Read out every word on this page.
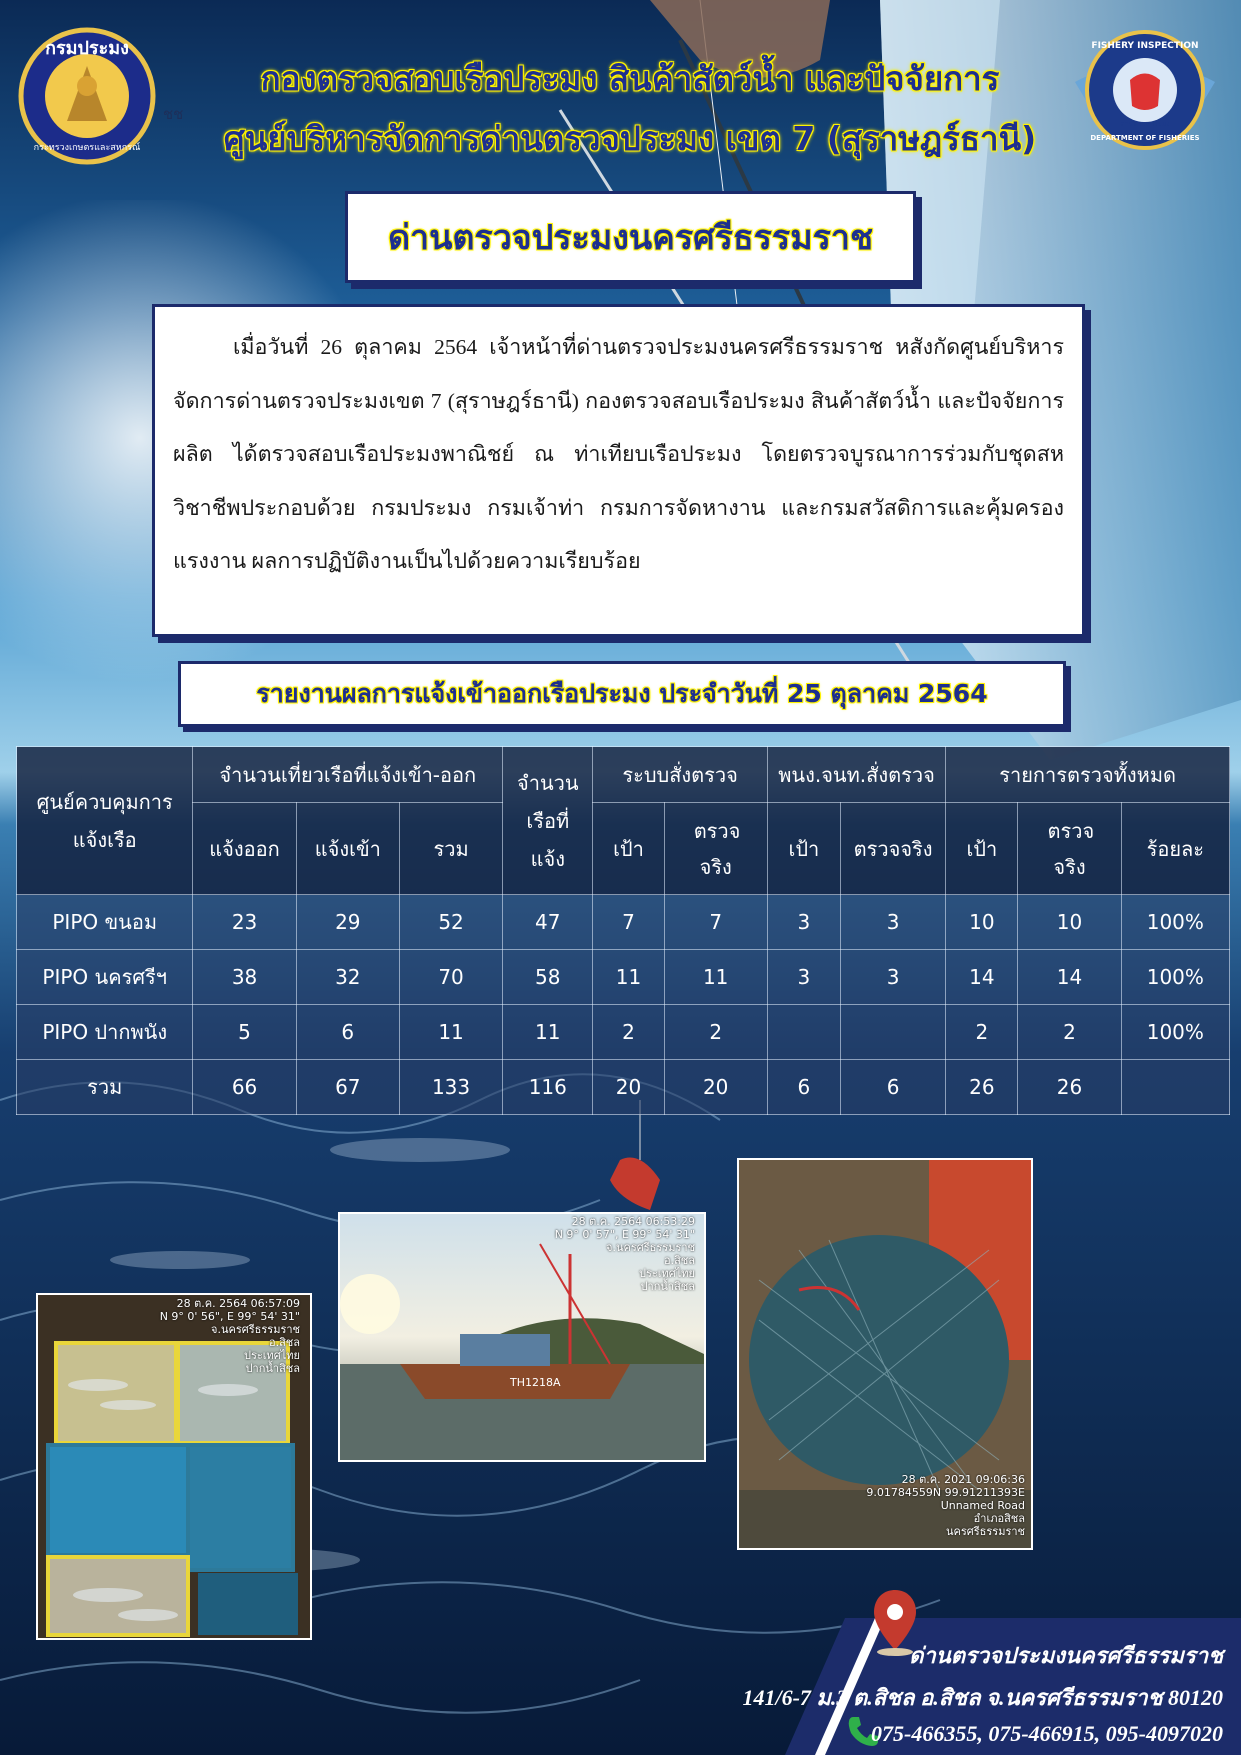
กรมประมง
กระทรวงเกษตรและสหกรณ์
ชช
FISHERY INSPECTION
DEPARTMENT OF FISHERIES
ด่านตรวจประมง
กองตรวจสอบเรือประมง สินค้าสัตว์น้ำ และปัจจัยการ
ศูนย์บริหารจัดการด่านตรวจประมง เขต 7 (สุราษฎร์ธานี)
ด่านตรวจประมงนครศรีธรรมราช

เมื่อวันที่ 26 ตุลาคม 2564 เจ้าหน้าที่ด่านตรวจประมงนครศรีธรรมราช หสังกัดศูนย์บริหารจัดการด่านตรวจประมงเขต 7 (สุราษฎร์ธานี) กองตรวจสอบเรือประมง สินค้าสัตว์น้ำ และปัจจัยการผลิต ได้ตรวจสอบเรือประมงพาณิชย์ ณ ท่าเทียบเรือประมง โดยตรวจบูรณาการร่วมกับชุดสหวิชาชีพประกอบด้วย กรมประมง กรมเจ้าท่า กรมการจัดหางาน และกรมสวัสดิการและคุ้มครองแรงงาน ผลการปฏิบัติงานเป็นไปด้วยความเรียบร้อย

รายงานผลการแจ้งเข้าออกเรือประมง ประจำวันที่ 25 ตุลาคม 2564
ศูนย์ควบคุมการแจ้งเรือ	จำนวนเที่ยวเรือที่แจ้งเข้า-ออก			จำนวนเรือที่แจ้ง	ระบบสั่งตรวจ		พนง.จนท.สั่งตรวจ		รายการตรวจทั้งหมด		
	แจ้งออก	แจ้งเข้า	รวม		เป้า	ตรวจจริง	เป้า	ตรวจจริง	เป้า	ตรวจจริง	ร้อยละ
PIPO ขนอม	23	29	52	47	7	7	3	3	10	10	100%
PIPO นครศรีฯ	38	32	70	58	11	11	3	3	14	14	100%
PIPO ปากพนัง	5	6	11	11	2	2			2	2	100%
รวม	66	67	133	116	20	20	6	6	26	26	
28 ต.ค. 2564 06:57:09
N 9° 0' 56", E 99° 54' 31"
จ.นครศรีธรรมราช
อ.สิชล
ประเทศไทย
ปากน้ำสิชล
TH1218A
28 ต.ค. 2564 06:53:29
N 9° 0' 57", E 99° 54' 31"
จ.นครศรีธรรมราช
อ.สิชล
ประเทศไทย
ปากน้ำสิชล
28 ต.ค. 2021 09:06:36
9.01784559N 99.91211393E
Unnamed Road
อำเภอสิชล
นครศรีธรรมราช
ด่านตรวจประมงนครศรีธรรมราช
141/6-7 ม.3 ต.สิชล อ.สิชล จ.นครศรีธรรมราช 80120
075-466355, 075-466915, 095-4097020
